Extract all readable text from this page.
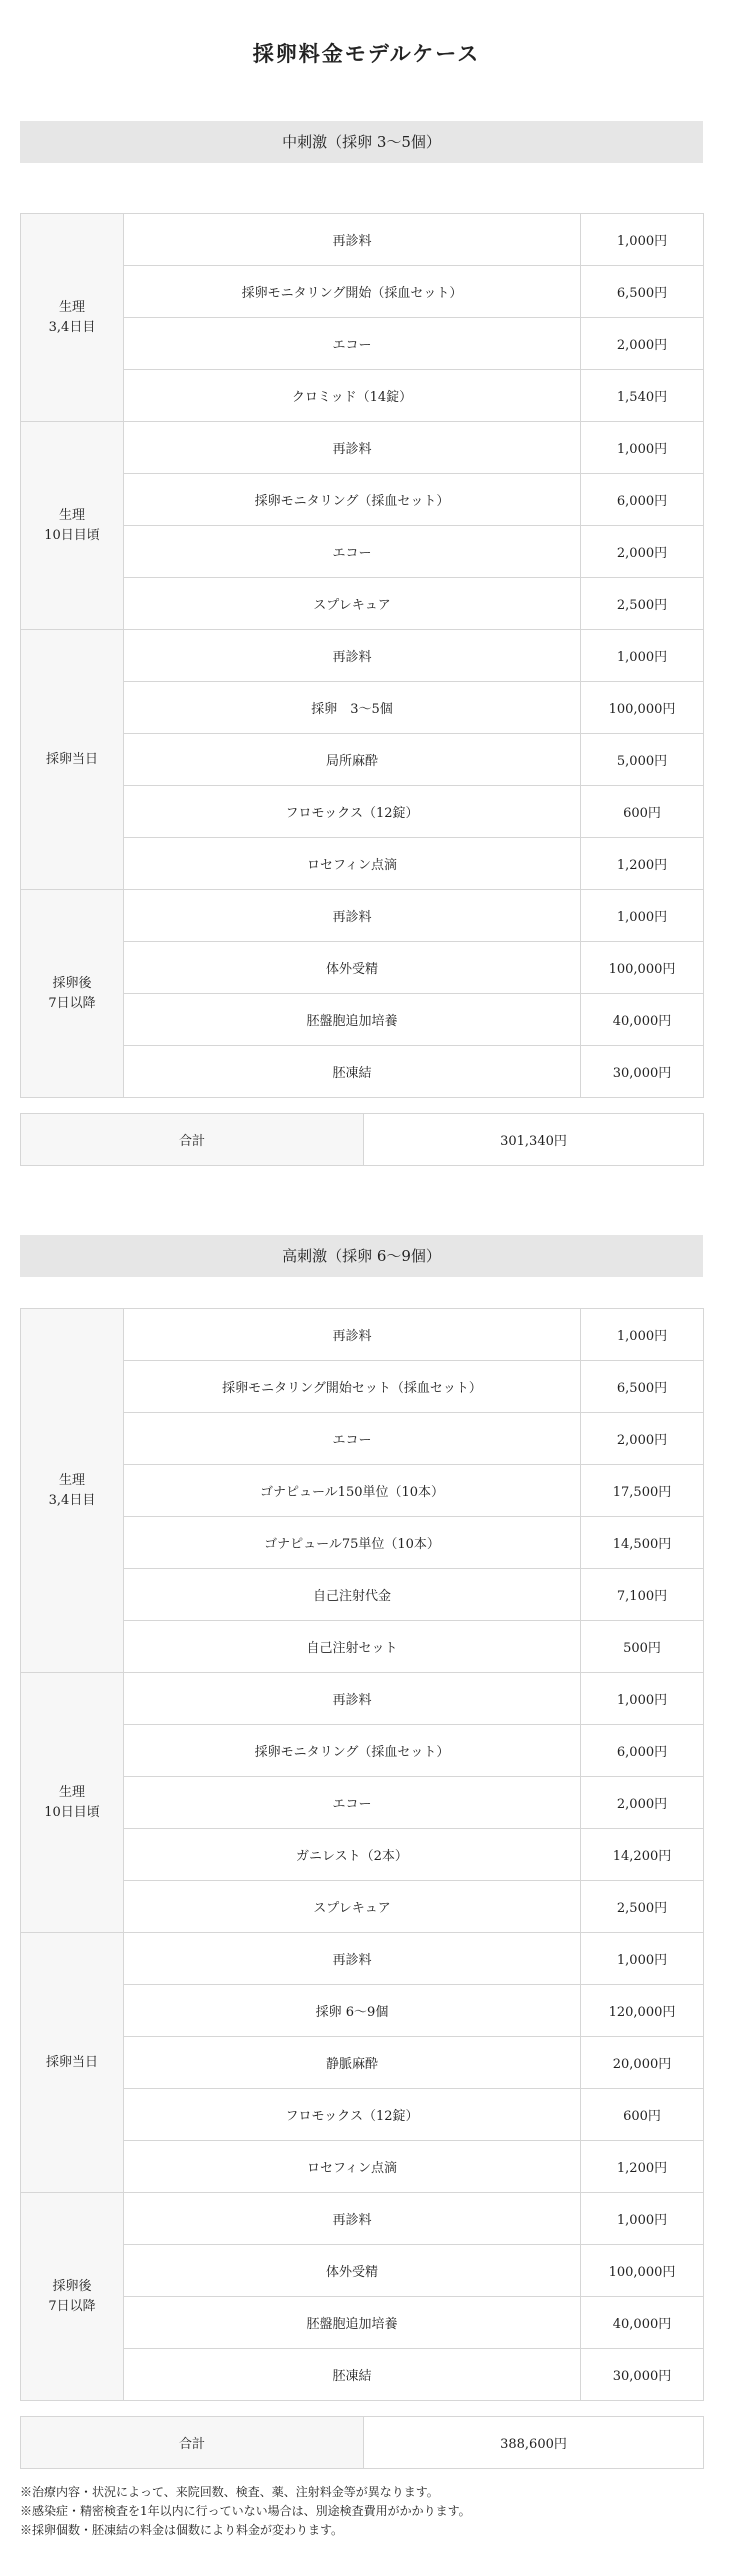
採卵料金モデルケース
中刺激（採卵 3～5個）
生理
3,4日目	再診料	1,000円
	採卵モニタリング開始（採血セット）	6,500円
	エコー	2,000円
	クロミッド（14錠）	1,540円

生理
10日目頃	再診料	1,000円
	採卵モニタリング（採血セット）	6,000円
	エコー	2,000円
	スプレキュア	2,500円

採卵当日	再診料	1,000円
	採卵　3～5個	100,000円
	局所麻酔	5,000円
	フロモックス（12錠）	600円
	ロセフィン点滴	1,200円

採卵後
7日以降	再診料	1,000円
	体外受精	100,000円
	胚盤胞追加培養	40,000円
	胚凍結	30,000円
合計	301,340円
高刺激（採卵 6～9個）
生理
3,4日目	再診料	1,000円
	採卵モニタリング開始セット（採血セット）	6,500円
	エコー	2,000円
	ゴナピュール150単位（10本）	17,500円
	ゴナピュール75単位（10本）	14,500円
	自己注射代金	7,100円
	自己注射セット	500円

生理
10日目頃	再診料	1,000円
	採卵モニタリング（採血セット）	6,000円
	エコー	2,000円
	ガニレスト（2本）	14,200円
	スプレキュア	2,500円

採卵当日	再診料	1,000円
	採卵 6～9個	120,000円
	静脈麻酔	20,000円
	フロモックス（12錠）	600円
	ロセフィン点滴	1,200円

採卵後
7日以降	再診料	1,000円
	体外受精	100,000円
	胚盤胞追加培養	40,000円
	胚凍結	30,000円
合計	388,600円

※治療内容・状況によって、来院回数、検査、薬、注射料金等が異なります。

※感染症・精密検査を1年以内に行っていない場合は、別途検査費用がかかります。

※採卵個数・胚凍結の料金は個数により料金が変わります。
